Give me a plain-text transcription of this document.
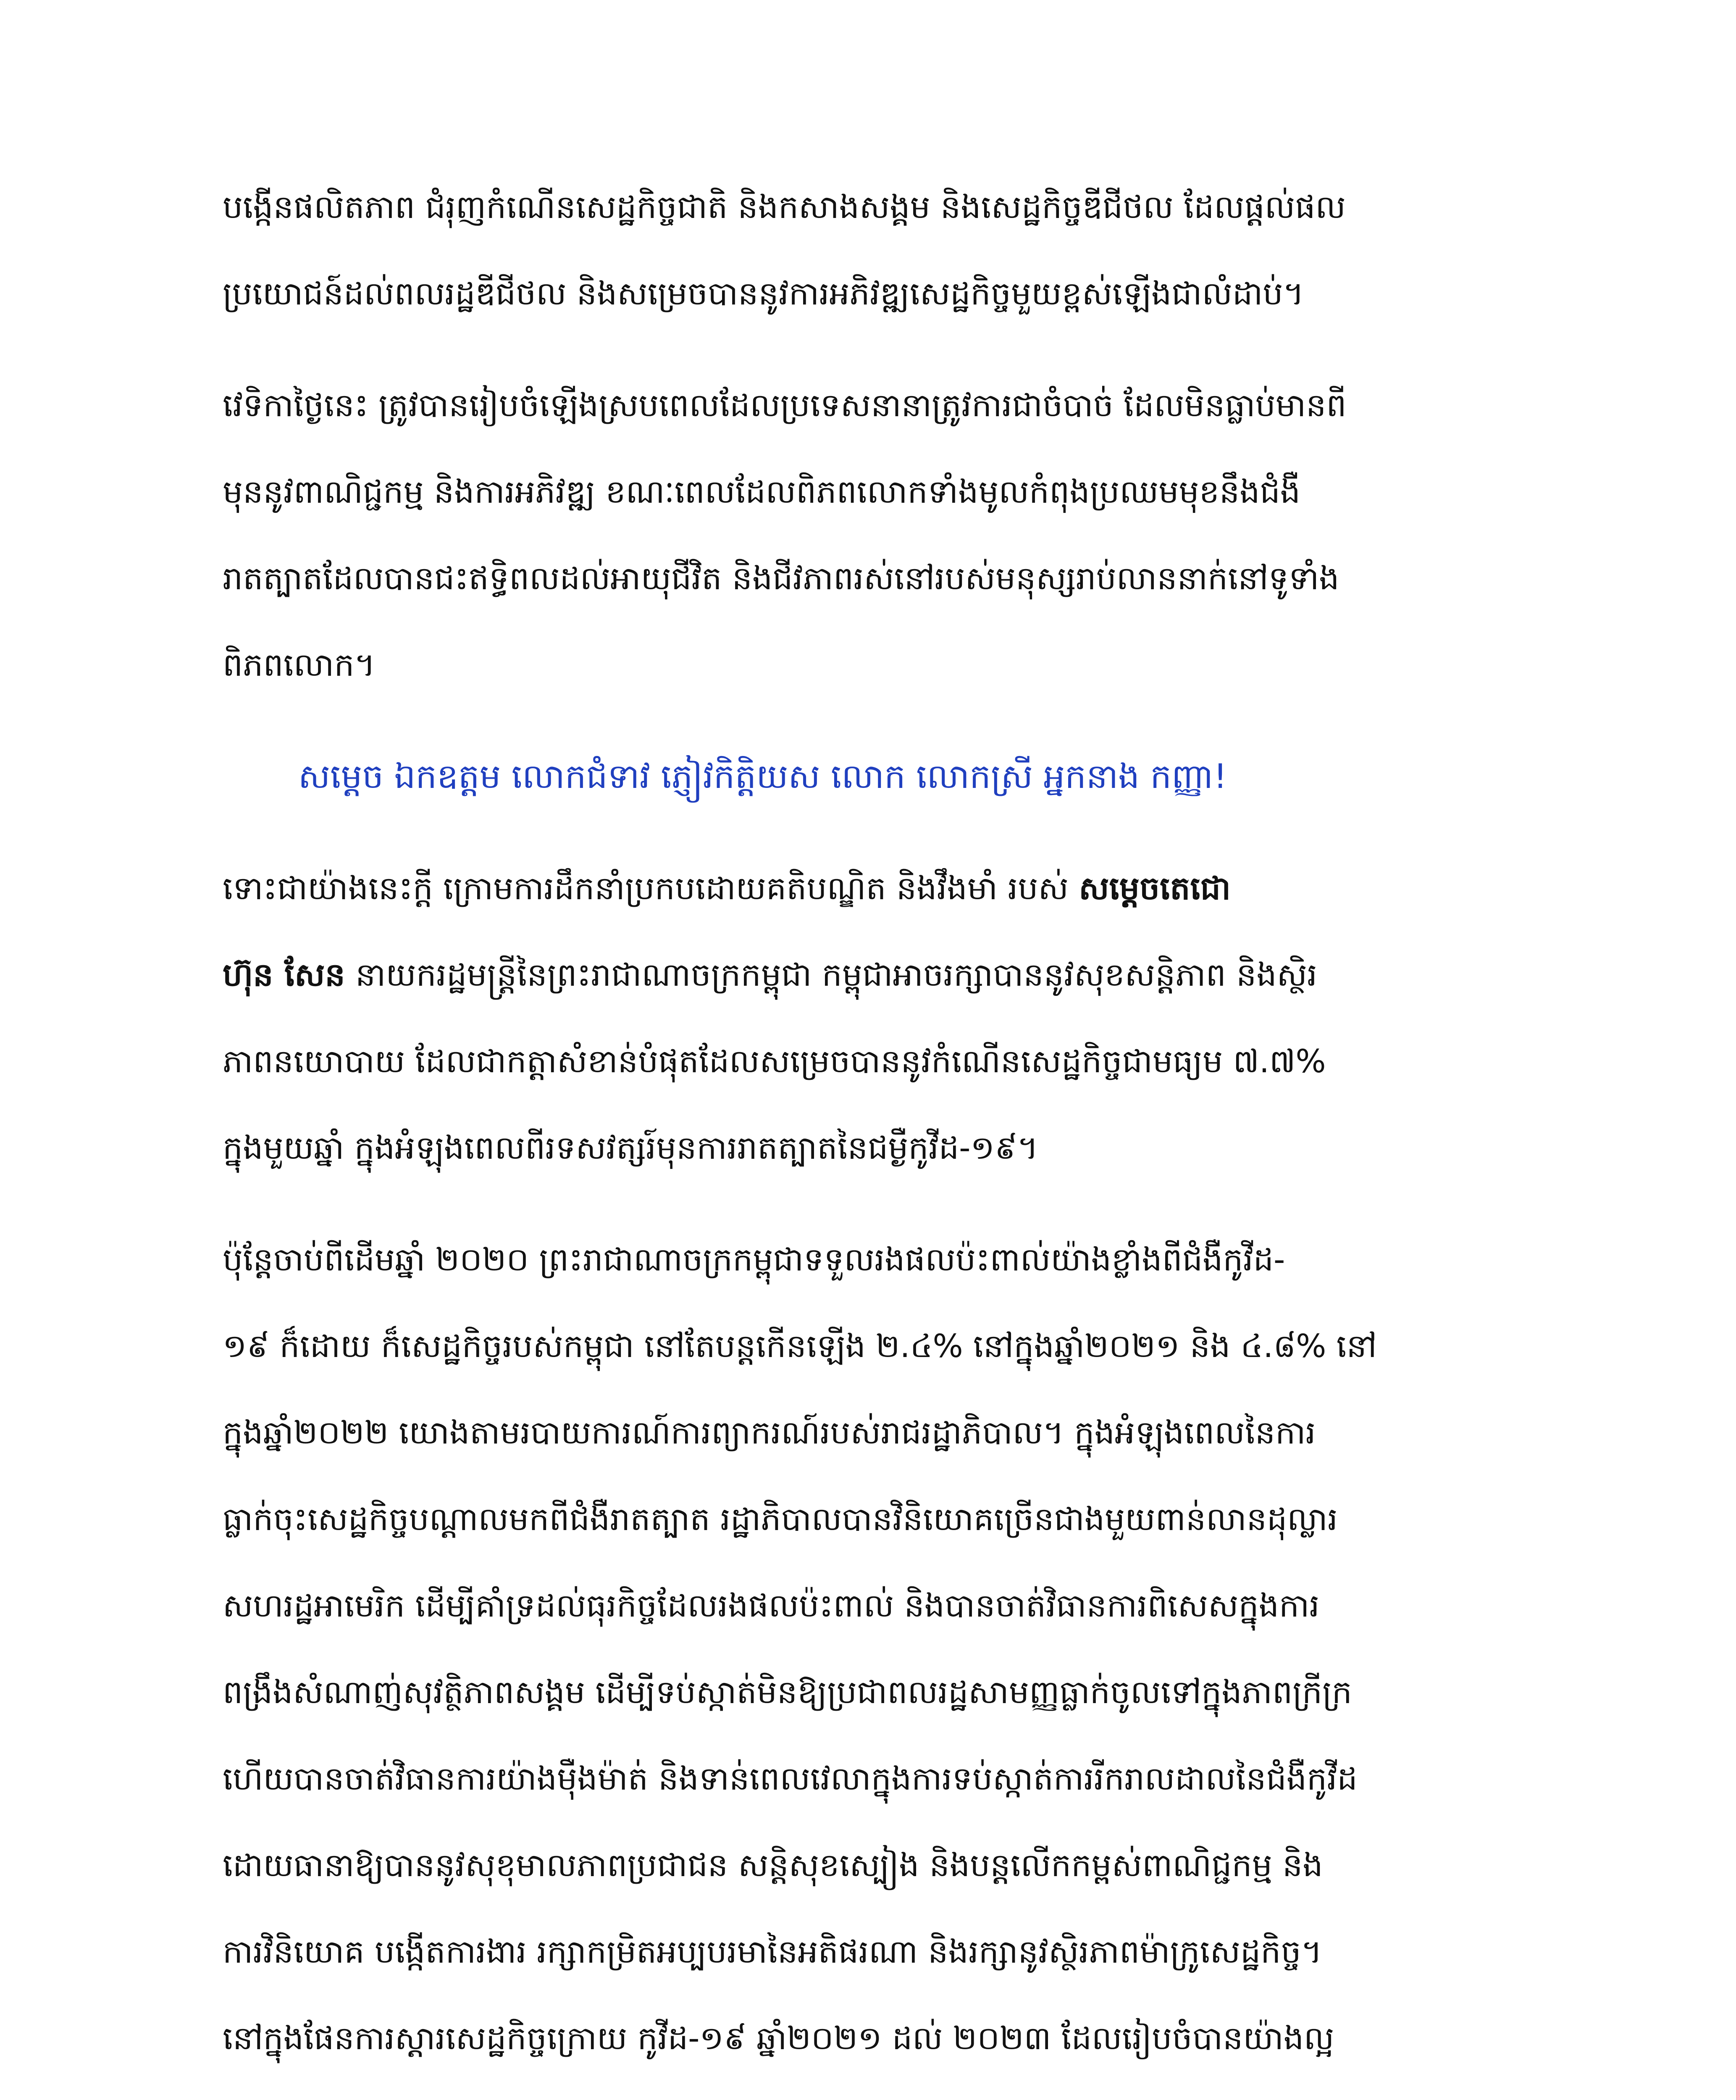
បង្កើនផលិតភាព ជំរុញកំណើនសេដ្ឋកិច្ចជាតិ និងកសាងសង្គម និងសេដ្ឋកិច្ចឌីជីថល ដែលផ្តល់ផល
ប្រយោជន៍ដល់ពលរដ្ឋឌីជីថល និងសម្រេចបាននូវការអភិវឌ្ឍសេដ្ឋកិច្ចមួយខ្ពស់ឡើងជាលំដាប់។
វេទិកាថ្ងៃនេះ ត្រូវបានរៀបចំឡើងស្របពេលដែលប្រទេសនានាត្រូវការជាចំបាច់ ដែលមិនធ្លាប់មានពី
មុននូវពាណិជ្ជកម្ម និងការអភិវឌ្ឍ ខណៈពេលដែលពិភពលោកទាំងមូលកំពុងប្រឈមមុខនឹងជំងឺ
រាតត្បាតដែលបានជះឥទ្ធិពលដល់អាយុជីវិត និងជីវភាពរស់នៅរបស់មនុស្សរាប់លាននាក់នៅទូទាំង
ពិភពលោក។
សម្តេច ឯកឧត្តម លោកជំទាវ ភ្ញៀវកិត្តិយស លោក លោកស្រី អ្នកនាង កញ្ញា!
ទោះជាយ៉ាងនេះក្តី ក្រោមការដឹកនាំប្រកបដោយគតិបណ្ឌិត និងវឹងមាំ របស់ សម្តេចតេជោ
ហ៊ុន សែន នាយករដ្ឋមន្ត្រីនៃព្រះរាជាណាចក្រកម្ពុជា កម្ពុជាអាចរក្សាបាននូវសុខសន្តិភាព និងស្ថិរ
ភាពនយោបាយ ដែលជាកត្តាសំខាន់បំផុតដែលសម្រេចបាននូវកំណើនសេដ្ឋកិច្ចជាមធ្យម ៧.៧%
ក្នុងមួយឆ្នាំ ក្នុងអំឡុងពេលពីរទសវត្សរ៍មុនការរាតត្បាតនៃជម្ងឺកូវីដ-១៩។
ប៉ុន្តែចាប់ពីដើមឆ្នាំ ២០២០ ព្រះរាជាណាចក្រកម្ពុជាទទួលរងផលប៉ះពាល់យ៉ាងខ្លាំងពីជំងឺកូវីដ-
១៩ ក៏ដោយ ក៏សេដ្ឋកិច្ចរបស់កម្ពុជា នៅតែបន្តកើនឡើង ២.៤% នៅក្នុងឆ្នាំ២០២១ និង ៤.៨% នៅ
ក្នុងឆ្នាំ២០២២ យោងតាមរបាយការណ៍ការព្យាករណ៍របស់រាជរដ្ឋាភិបាល។ ក្នុងអំឡុងពេលនៃការ
ធ្លាក់ចុះសេដ្ឋកិច្ចបណ្តាលមកពីជំងឺរាតត្បាត រដ្ឋាភិបាលបានវិនិយោគច្រើនជាងមួយពាន់លានដុល្លារ
សហរដ្ឋអាមេរិក ដើម្បីគាំទ្រដល់ធុរកិច្ចដែលរងផលប៉ះពាល់ និងបានចាត់វិធានការពិសេសក្នុងការ
ពង្រឹងសំណាញ់សុវត្ថិភាពសង្គម ដើម្បីទប់ស្កាត់មិនឱ្យប្រជាពលរដ្ឋសាមញ្ញធ្លាក់ចូលទៅក្នុងភាពក្រីក្រ
ហើយបានចាត់វិធានការយ៉ាងម៉ឺងម៉ាត់ និងទាន់ពេលវេលាក្នុងការទប់ស្កាត់ការរីករាលដាលនៃជំងឺកូវីដ
ដោយធានាឱ្យបាននូវសុខុមាលភាពប្រជាជន សន្តិសុខស្បៀង និងបន្តលើកកម្ពស់ពាណិជ្ជកម្ម និង
ការវិនិយោគ បង្កើតការងារ រក្សាកម្រិតអប្បបរមានៃអតិផរណា និងរក្សានូវស្ថិរភាពម៉ាក្រូសេដ្ឋកិច្ច។
នៅក្នុងផែនការស្តារសេដ្ឋកិច្ចក្រោយ កូវីដ-១៩ ឆ្នាំ២០២១ ដល់ ២០២៣ ដែលរៀបចំបានយ៉ាងល្អ
